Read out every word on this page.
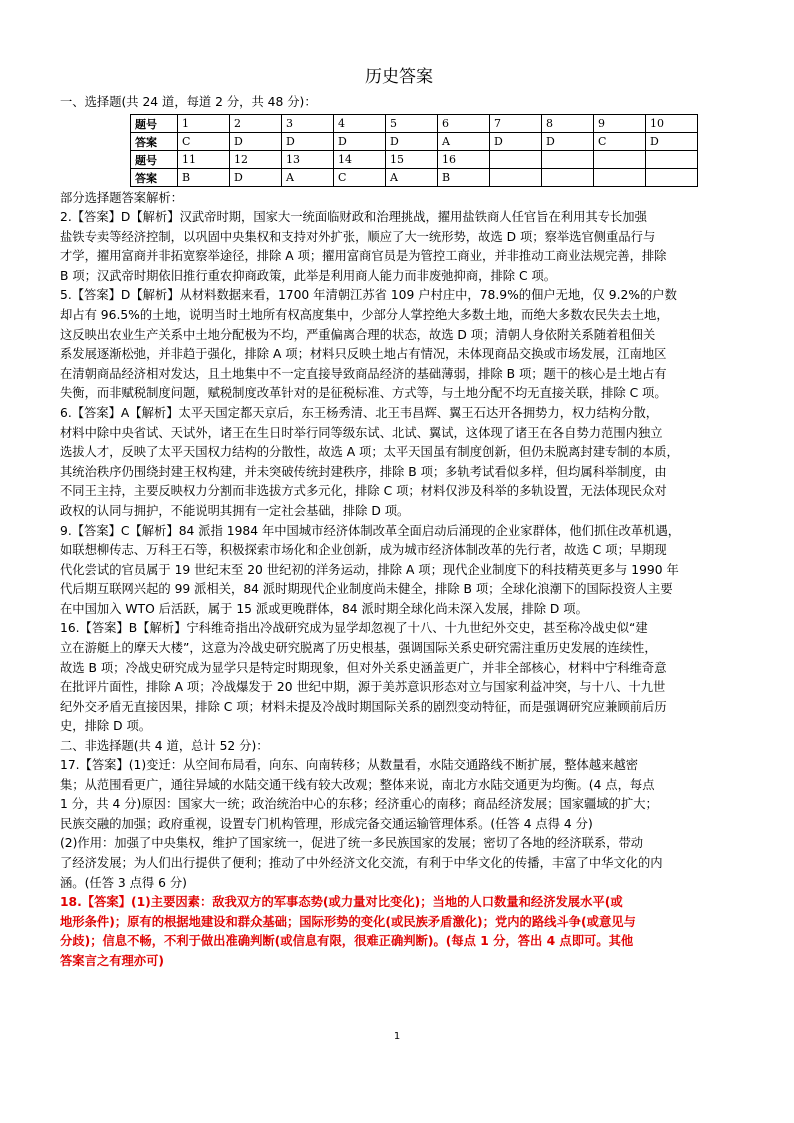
历史答案

一、选择题(共 24 道，每道 2 分，共 48 分)：

题号	1	2	3	4	5	6	7	8	9	10
答案	C	D	D	D	D	A	D	D	C	D
题号	11	12	13	14	15	16				
答案	B	D	A	C	A	B				

部分选择题答案解析：

2.【答案】D【解析】汉武帝时期，国家大一统面临财政和治理挑战，擢用盐铁商人任官旨在利用其专长加强

盐铁专卖等经济控制，以巩固中央集权和支持对外扩张，顺应了大一统形势，故选 D 项；察举选官侧重品行与

才学，擢用富商并非拓宽察举途径，排除 A 项；擢用富商官员是为管控工商业，并非推动工商业法规完善，排除

B 项；汉武帝时期依旧推行重农抑商政策，此举是利用商人能力而非废弛抑商，排除 C 项。

5.【答案】D【解析】从材料数据来看，1700 年清朝江苏省 109 户村庄中，78.9%的佃户无地，仅 9.2%的户数

却占有 96.5%的土地，说明当时土地所有权高度集中，少部分人掌控绝大多数土地，而绝大多数农民失去土地，

这反映出农业生产关系中土地分配极为不均，严重偏离合理的状态，故选 D 项；清朝人身依附关系随着租佃关

系发展逐渐松弛，并非趋于强化，排除 A 项；材料只反映土地占有情况，未体现商品交换或市场发展，江南地区

在清朝商品经济相对发达，且土地集中不一定直接导致商品经济的基础薄弱，排除 B 项；题干的核心是土地占有

失衡，而非赋税制度问题，赋税制度改革针对的是征税标准、方式等，与土地分配不均无直接关联，排除 C 项。

6.【答案】A【解析】太平天国定都天京后，东王杨秀清、北王韦昌辉、翼王石达开各拥势力，权力结构分散，

材料中除中央省试、天试外，诸王在生日时举行同等级东试、北试、翼试，这体现了诸王在各自势力范围内独立

选拔人才，反映了太平天国权力结构的分散性，故选 A 项；太平天国虽有制度创新，但仍未脱离封建专制的本质，

其统治秩序仍围绕封建王权构建，并未突破传统封建秩序，排除 B 项；多轨考试看似多样，但均属科举制度，由

不同王主持，主要反映权力分割而非选拔方式多元化，排除 C 项；材料仅涉及科举的多轨设置，无法体现民众对

政权的认同与拥护，不能说明其拥有一定社会基础，排除 D 项。

9.【答案】C【解析】84 派指 1984 年中国城市经济体制改革全面启动后涌现的企业家群体，他们抓住改革机遇，

如联想柳传志、万科王石等，积极探索市场化和企业创新，成为城市经济体制改革的先行者，故选 C 项；早期现

代化尝试的官员属于 19 世纪末至 20 世纪初的洋务运动，排除 A 项；现代企业制度下的科技精英更多与 1990 年

代后期互联网兴起的 99 派相关，84 派时期现代企业制度尚未健全，排除 B 项；全球化浪潮下的国际投资人主要

在中国加入 WTO 后活跃，属于 15 派或更晚群体，84 派时期全球化尚未深入发展，排除 D 项。

16.【答案】B【解析】宁科维奇指出冷战研究成为显学却忽视了十八、十九世纪外交史，甚至称冷战史似“建

立在游艇上的摩天大楼”，这意为冷战史研究脱离了历史根基，强调国际关系史研究需注重历史发展的连续性，

故选 B 项；冷战史研究成为显学只是特定时期现象，但对外关系史涵盖更广，并非全部核心，材料中宁科维奇意

在批评片面性，排除 A 项；冷战爆发于 20 世纪中期，源于美苏意识形态对立与国家利益冲突，与十八、十九世

纪外交矛盾无直接因果，排除 C 项；材料未提及冷战时期国际关系的剧烈变动特征，而是强调研究应兼顾前后历

史，排除 D 项。

二、非选择题(共 4 道，总计 52 分)：

17.【答案】(1)变迁：从空间布局看，向东、向南转移；从数量看，水陆交通路线不断扩展，整体越来越密

集；从范围看更广，通往异域的水陆交通干线有较大改观；整体来说，南北方水陆交通更为均衡。(4 点，每点

1 分，共 4 分)原因：国家大一统；政治统治中心的东移；经济重心的南移；商品经济发展；国家疆域的扩大；

民族交融的加强；政府重视，设置专门机构管理，形成完备交通运输管理体系。(任答 4 点得 4 分)

(2)作用：加强了中央集权，维护了国家统一，促进了统一多民族国家的发展；密切了各地的经济联系，带动

了经济发展；为人们出行提供了便利；推动了中外经济文化交流，有利于中华文化的传播，丰富了中华文化的内

涵。(任答 3 点得 6 分)

18.【答案】(1)主要因素：敌我双方的军事态势(或力量对比变化)；当地的人口数量和经济发展水平(或

地形条件)；原有的根据地建设和群众基础；国际形势的变化(或民族矛盾激化)；党内的路线斗争(或意见与

分歧)；信息不畅，不利于做出准确判断(或信息有限，很难正确判断)。(每点 1 分，答出 4 点即可。其他

答案言之有理亦可)

1
